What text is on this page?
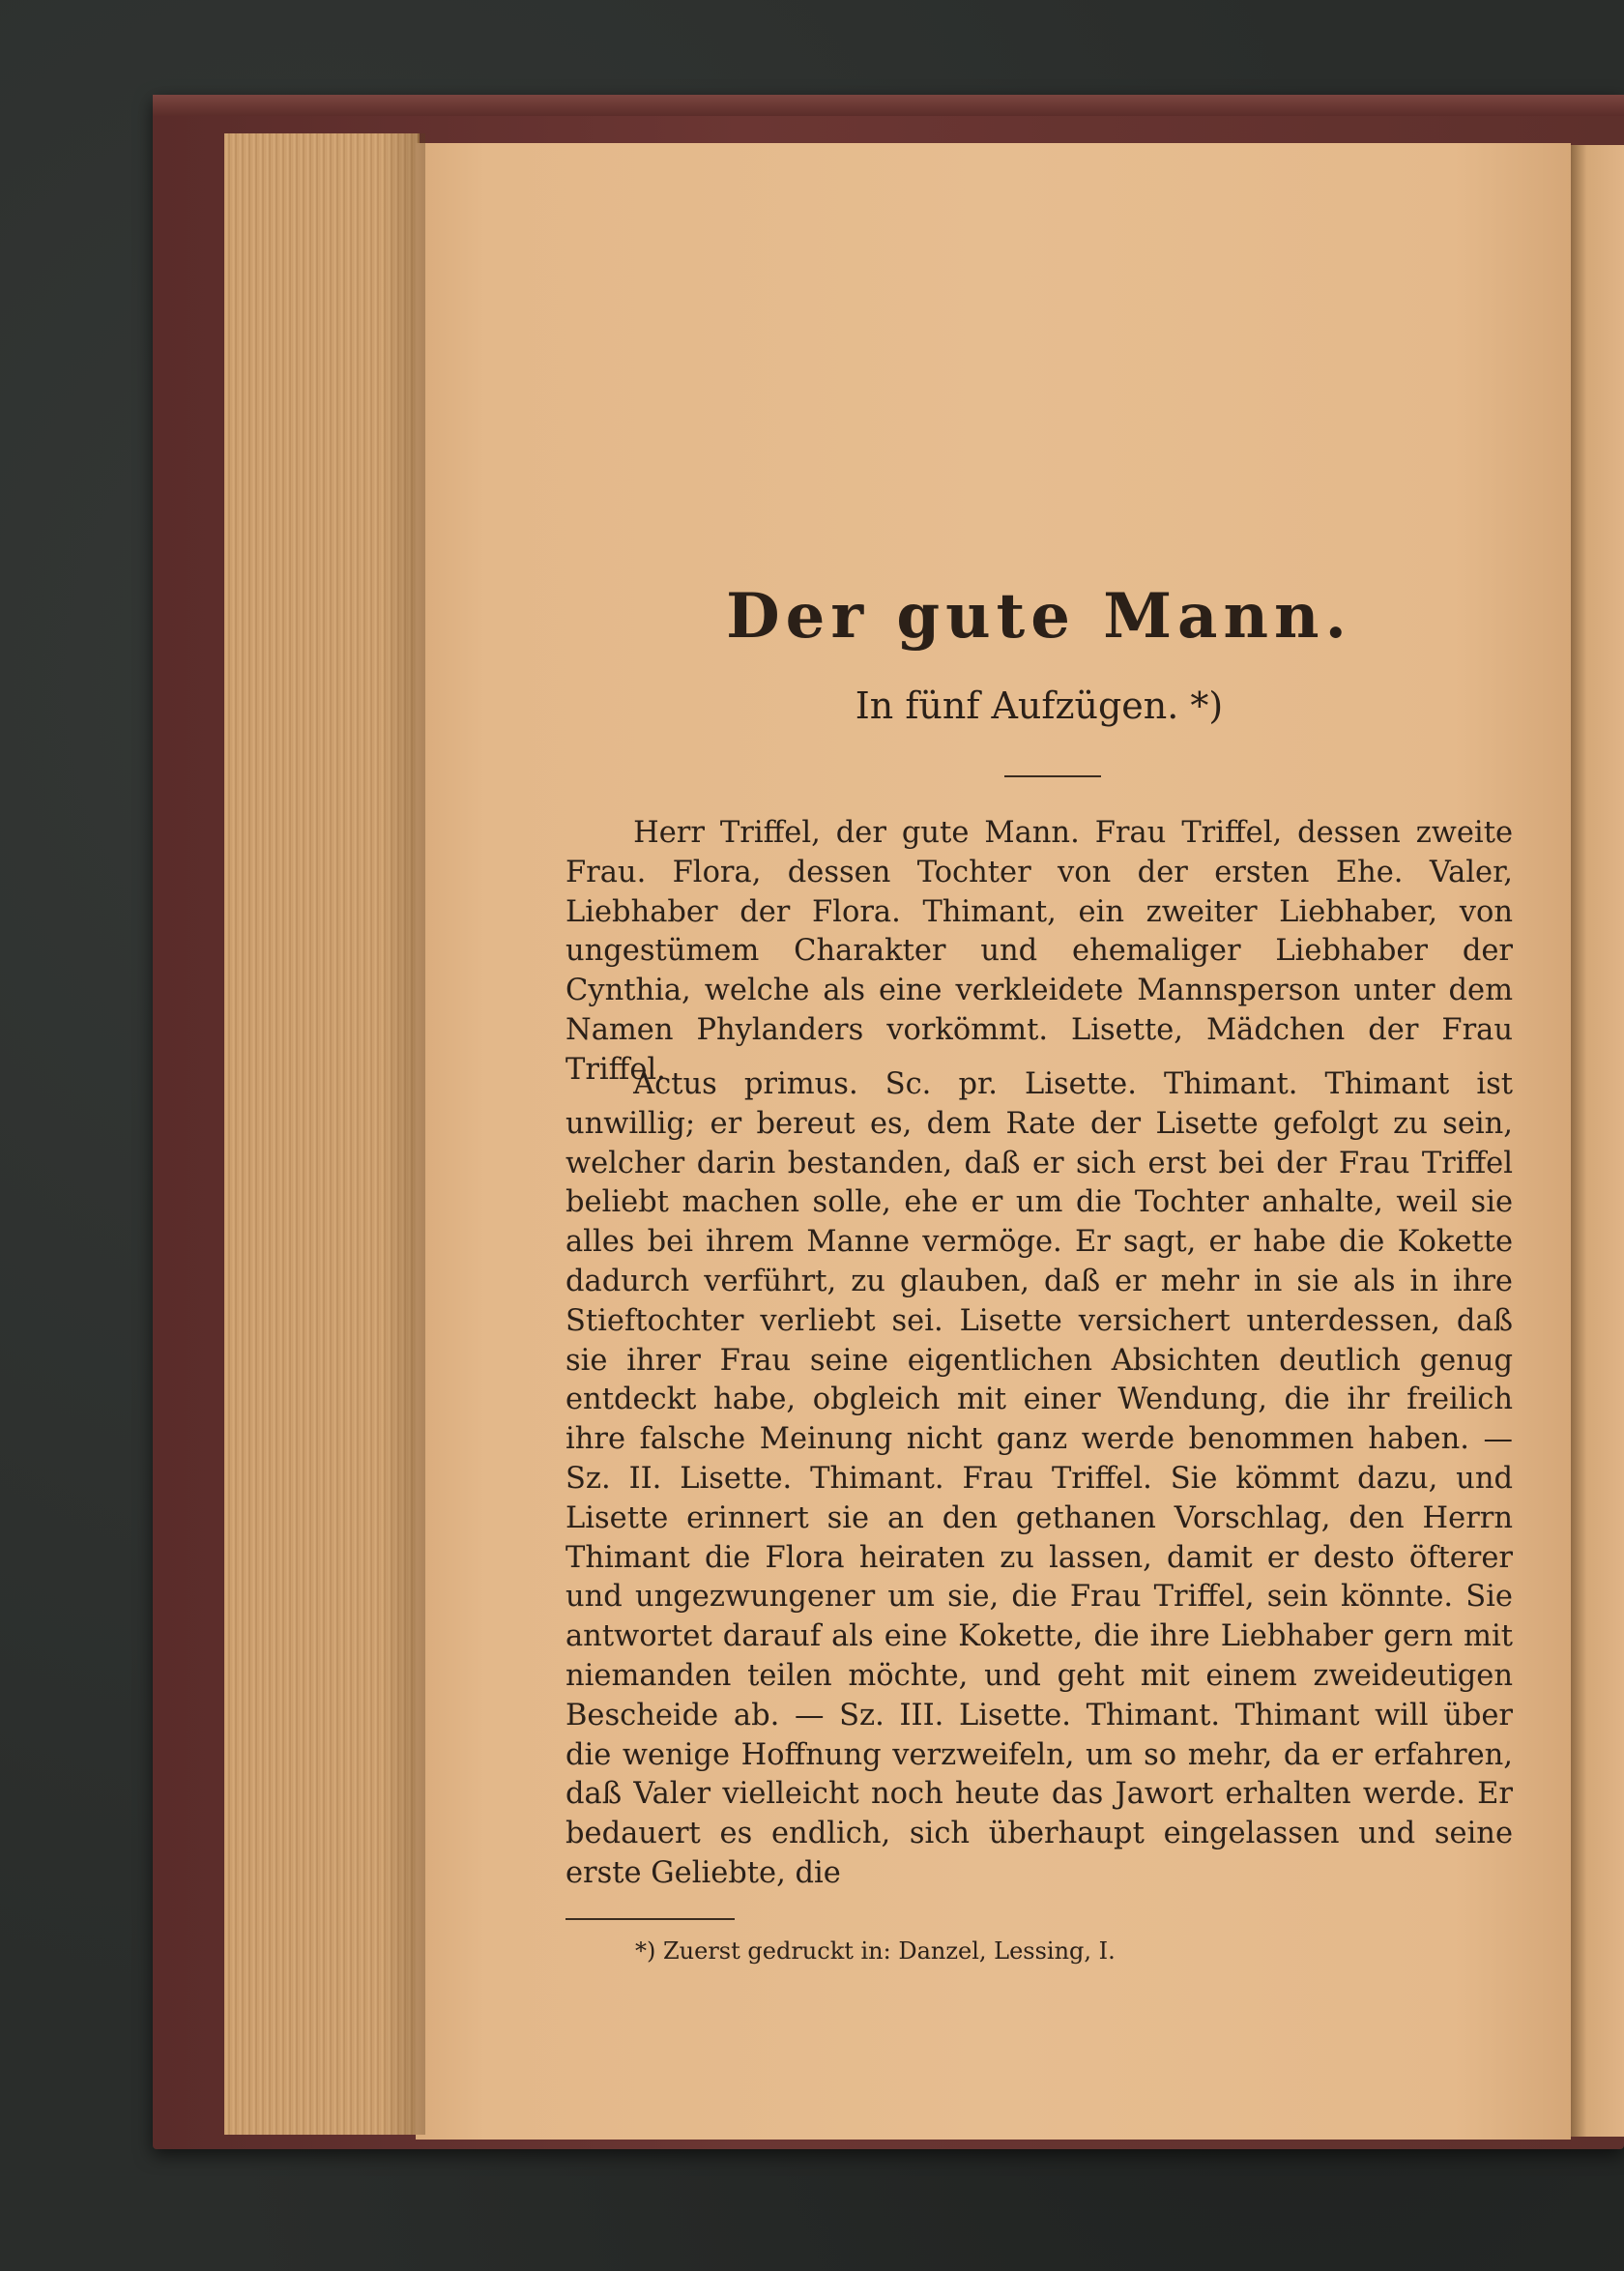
Der gute Mann.

In fünf Aufzügen. *)

Herr Triffel, der gute Mann. Frau Triffel, dessen zweite Frau. Flora, dessen Tochter von der ersten Ehe. Valer, Liebhaber der Flora. Thimant, ein zweiter Liebhaber, von ungestümem Charakter und ehemaliger Liebhaber der Cynthia, welche als eine verkleidete Mannsperson unter dem Namen Phylanders vorkömmt. Lisette, Mädchen der Frau Triffel.

Actus primus. Sc. pr. Lisette. Thimant. Thimant ist unwillig; er bereut es, dem Rate der Lisette gefolgt zu sein, welcher darin bestanden, daß er sich erst bei der Frau Triffel beliebt machen solle, ehe er um die Tochter anhalte, weil sie alles bei ihrem Manne vermöge. Er sagt, er habe die Kokette dadurch verführt, zu glauben, daß er mehr in sie als in ihre Stieftochter verliebt sei. Lisette versichert unterdessen, daß sie ihrer Frau seine eigentlichen Absichten deutlich genug entdeckt habe, obgleich mit einer Wendung, die ihr freilich ihre falsche Meinung nicht ganz werde benommen haben. — Sz. II. Lisette. Thimant. Frau Triffel. Sie kömmt dazu, und Lisette erinnert sie an den gethanen Vorschlag, den Herrn Thimant die Flora heiraten zu lassen, damit er desto öfterer und ungezwungener um sie, die Frau Triffel, sein könnte. Sie antwortet darauf als eine Kokette, die ihre Liebhaber gern mit niemanden teilen möchte, und geht mit einem zweideutigen Bescheide ab. — Sz. III. Lisette. Thimant. Thimant will über die wenige Hoffnung verzweifeln, um so mehr, da er erfahren, daß Valer vielleicht noch heute das Jawort erhalten werde. Er bedauert es endlich, sich überhaupt eingelassen und seine erste Geliebte, die

*) Zuerst gedruckt in: Danzel, Lessing, I.
